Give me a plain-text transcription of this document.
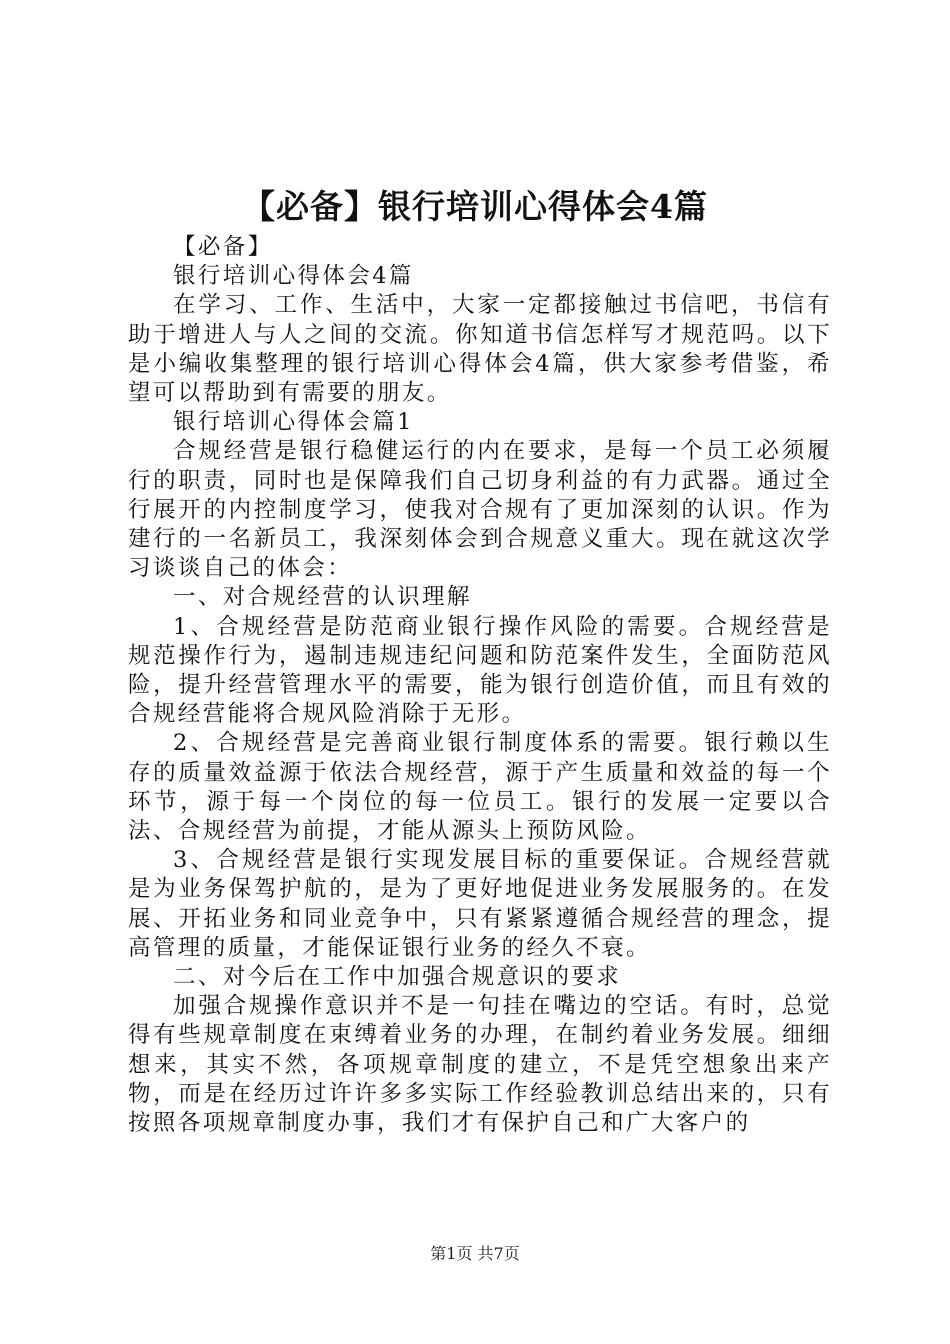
【必备】银行培训心得体会4篇

【必备】

银行培训心得体会4篇

在学习、工作、生活中，大家一定都接触过书信吧，书信有助于增进人与人之间的交流。你知道书信怎样写才规范吗。以下是小编收集整理的银行培训心得体会4篇，供大家参考借鉴，希望可以帮助到有需要的朋友。

银行培训心得体会篇1

合规经营是银行稳健运行的内在要求，是每一个员工必须履行的职责，同时也是保障我们自己切身利益的有力武器。通过全行展开的内控制度学习，使我对合规有了更加深刻的认识。作为建行的一名新员工，我深刻体会到合规意义重大。现在就这次学习谈谈自己的体会：

一、对合规经营的认识理解

1、合规经营是防范商业银行操作风险的需要。合规经营是规范操作行为，遏制违规违纪问题和防范案件发生，全面防范风险，提升经营管理水平的需要，能为银行创造价值，而且有效的合规经营能将合规风险消除于无形。

2、合规经营是完善商业银行制度体系的需要。银行赖以生存的质量效益源于依法合规经营，源于产生质量和效益的每一个环节，源于每一个岗位的每一位员工。银行的发展一定要以合法、合规经营为前提，才能从源头上预防风险。

3、合规经营是银行实现发展目标的重要保证。合规经营就是为业务保驾护航的，是为了更好地促进业务发展服务的。在发展、开拓业务和同业竞争中，只有紧紧遵循合规经营的理念，提高管理的质量，才能保证银行业务的经久不衰。

二、对今后在工作中加强合规意识的要求

加强合规操作意识并不是一句挂在嘴边的空话。有时，总觉得有些规章制度在束缚着业务的办理，在制约着业务发展。细细想来，其实不然，各项规章制度的建立，不是凭空想象出来产物，而是在经历过许许多多实际工作经验教训总结出来的，只有按照各项规章制度办事，我们才有保护自己和广大客户的

第1页 共7页
